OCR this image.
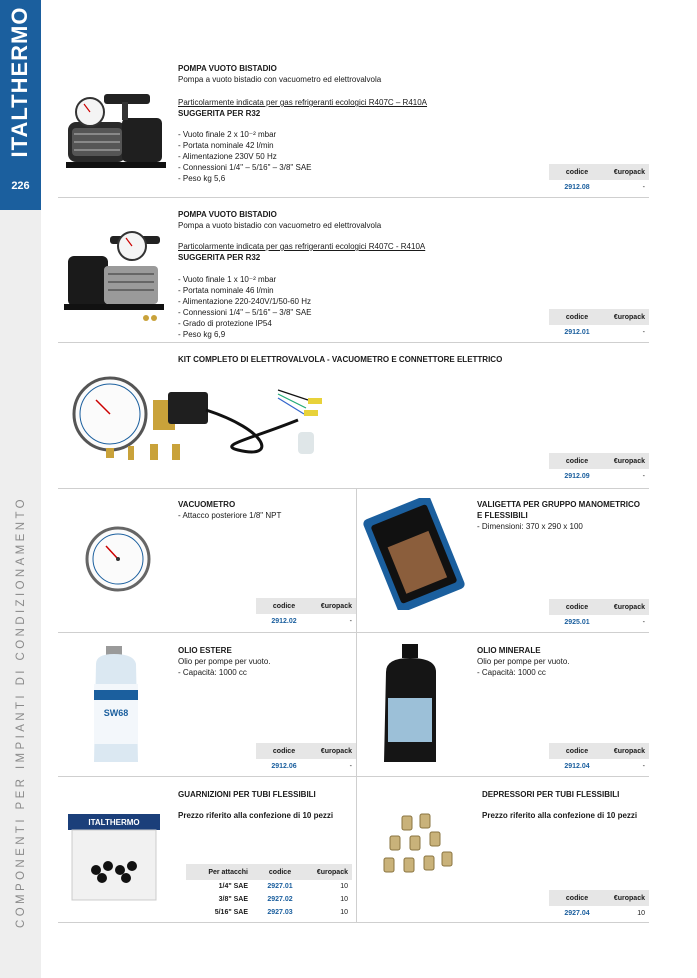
ITALTHERMO
226
COMPONENTI PER IMPIANTI DI CONDIZIONAMENTO
POMPA VUOTO BISTADIO
Pompa a vuoto bistadio con vacuometro ed elettrovalvola
Particolarmente indicata per gas refrigeranti ecologici R407C – R410A
SUGGERITA PER R32
- Vuoto finale 2 x 10⁻² mbar
- Portata nominale 42 l/min
- Alimentazione 230V 50 Hz
- Connessioni 1/4" – 5/16" – 3/8" SAE
- Peso kg 5,6
codice	€uro pack
2912.08	-
POMPA VUOTO BISTADIO
Pompa a vuoto bistadio con vacuometro ed elettrovalvola
Particolarmente indicata per gas refrigeranti ecologici R407C - R410A
SUGGERITA PER R32
- Vuoto finale 1 x 10⁻² mbar
- Portata nominale 46 l/min
- Alimentazione 220-240V/1/50-60 Hz
- Connessioni 1/4" – 5/16" – 3/8" SAE
- Grado di protezione IP54
- Peso kg 6,9
codice	€uro pack
2912.01	-
KIT COMPLETO DI ELETTROVALVOLA - VACUOMETRO E CONNETTORE ELETTRICO
codice	€uro pack
2912.09	-
VACUOMETRO
- Attacco posteriore 1/8" NPT
codice	€uro pack
2912.02	-
VALIGETTA PER GRUPPO MANOMETRICO
E FLESSIBILI
- Dimensioni: 370 x 290 x 100
codice	€uro pack
2925.01	-
SW68
OLIO ESTERE
Olio per pompe per vuoto.
- Capacità: 1000 cc
codice	€uro pack
2912.06	-
OLIO MINERALE
Olio per pompe per vuoto.
- Capacità: 1000 cc
codice	€uro pack
2912.04	-
ITALTHERMO
GUARNIZIONI PER TUBI FLESSIBILI
Prezzo riferito alla confezione di 10 pezzi
Per attacchi	codice	€uro pack
1/4" SAE	2927.01	10
3/8" SAE	2927.02	10
5/16" SAE	2927.03	10
DEPRESSORI PER TUBI FLESSIBILI
Prezzo riferito alla confezione di 10 pezzi
codice	€uro pack
2927.04	10
